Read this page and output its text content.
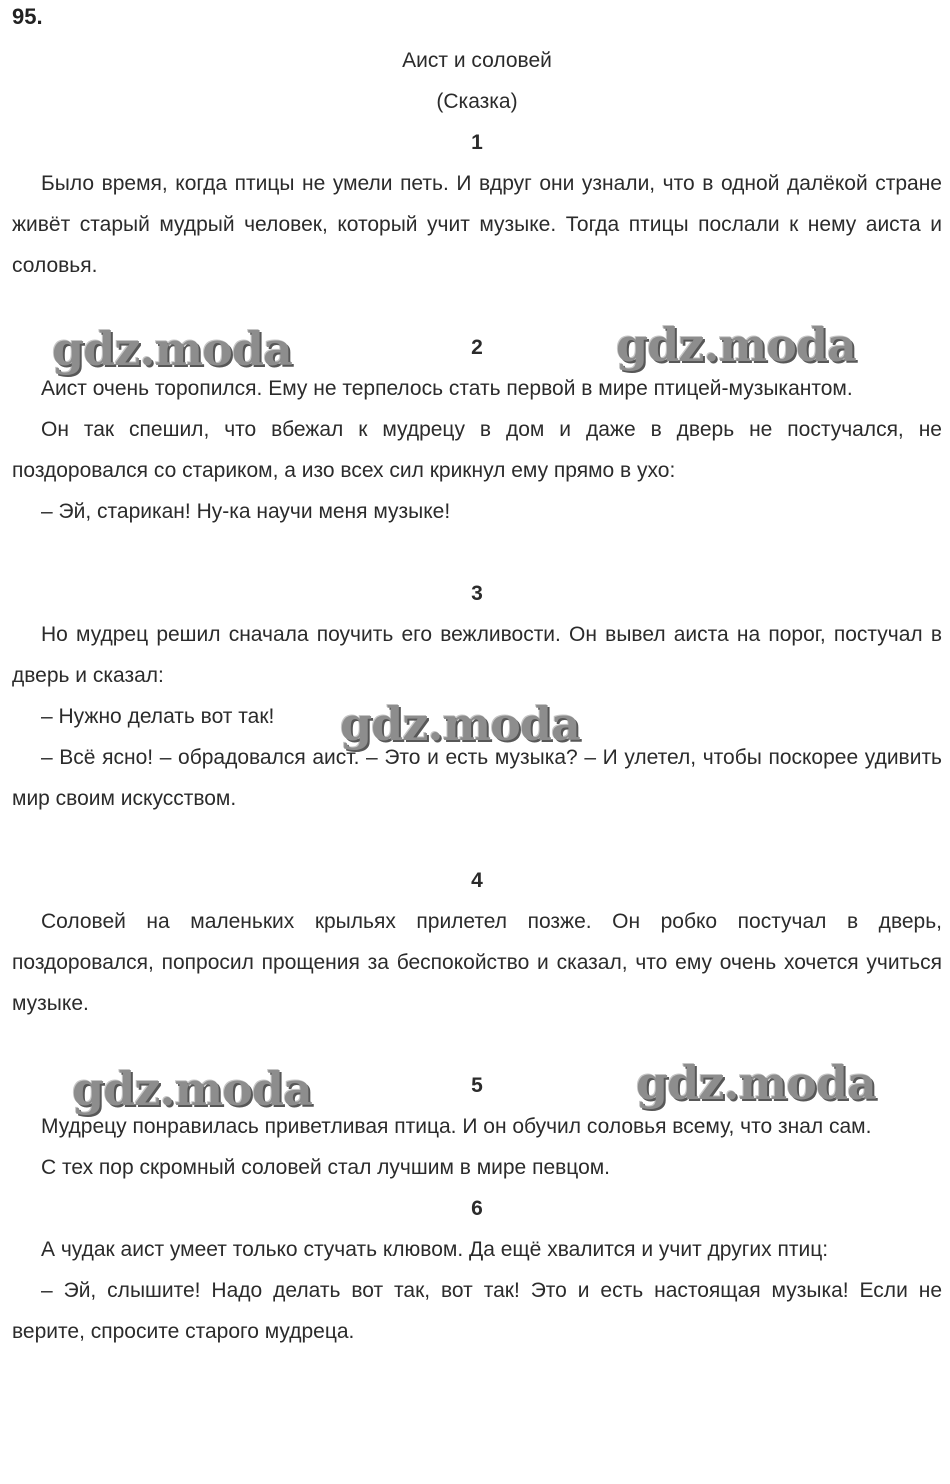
95.

Аист и соловей

(Сказка)

1

Было время, когда птицы не умели петь. И вдруг они узнали, что в одной далёкой стране живёт старый мудрый человек, который учит музыке. Тогда птицы послали к нему аиста и соловья.

2

Аист очень торопился. Ему не терпелось стать первой в мире птицей-музыкантом.

Он так спешил, что вбежал к мудрецу в дом и даже в дверь не постучался, не поздоровался со стариком, а изо всех сил крикнул ему прямо в ухо:

– Эй, старикан! Ну-ка научи меня музыке!

3

Но мудрец решил сначала поучить его вежливости. Он вывел аиста на порог, постучал в дверь и сказал:

– Нужно делать вот так!

– Всё ясно! – обрадовался аист. – Это и есть музыка? – И улетел, чтобы поскорее удивить мир своим искусством.

4

Соловей на маленьких крыльях прилетел позже. Он робко постучал в дверь, поздоровался, попросил прощения за беспокойство и сказал, что ему очень хочется учиться музыке.

5

Мудрецу понравилась приветливая птица. И он обучил соловья всему, что знал сам.

С тех пор скромный соловей стал лучшим в мире певцом.

6

А чудак аист умеет только стучать клювом. Да ещё хвалится и учит других птиц:

– Эй, слышите! Надо делать вот так, вот так! Это и есть настоящая музыка! Если не верите, спросите старого мудреца.

gdz.moda	gdz.moda
gdz.moda
gdz.moda	gdz.moda
